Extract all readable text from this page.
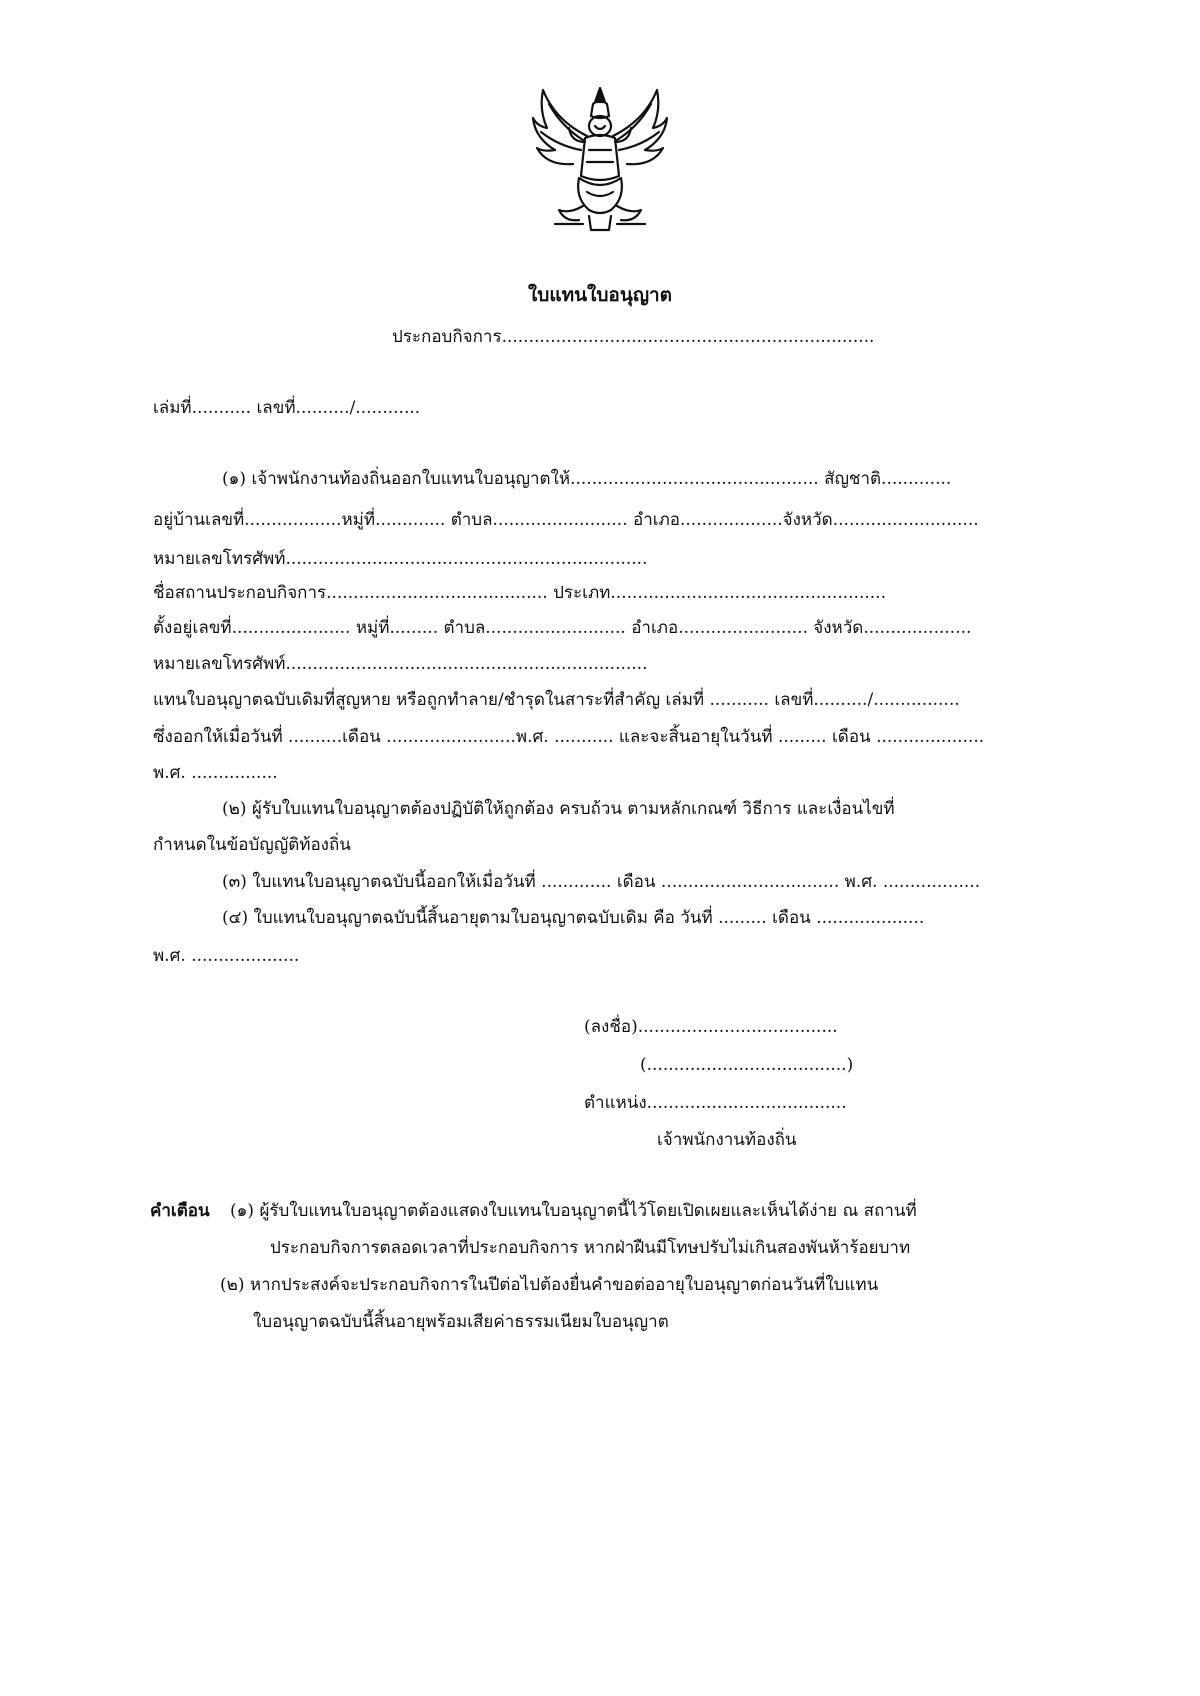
ใบแทนใบอนุญาต
ประกอบกิจการ.....................................................................
เล่มที่........... เลขที่........../............
(๑) เจ้าพนักงานท้องถิ่นออกใบแทนใบอนุญาตให้.............................................. สัญชาติ.............
อยู่บ้านเลขที่..................หมู่ที่............. ตำบล......................... อำเภอ...................จังหวัด...........................
หมายเลขโทรศัพท์...................................................................
ชื่อสถานประกอบกิจการ......................................... ประเภท...................................................
ตั้งอยู่เลขที่...................... หมู่ที่......... ตำบล.......................... อำเภอ........................ จังหวัด....................
หมายเลขโทรศัพท์...................................................................
แทนใบอนุญาตฉบับเดิมที่สูญหาย หรือถูกทำลาย/ชำรุดในสาระที่สำคัญ เล่มที่ ........... เลขที่........../................
ซึ่งออกให้เมื่อวันที่ ..........เดือน ........................พ.ศ. ........... และจะสิ้นอายุในวันที่ ......... เดือน ....................
พ.ศ. ................
(๒) ผู้รับใบแทนใบอนุญาตต้องปฏิบัติให้ถูกต้อง ครบถ้วน ตามหลักเกณฑ์ วิธีการ และเงื่อนไขที่
กำหนดในข้อบัญญัติท้องถิ่น
(๓) ใบแทนใบอนุญาตฉบับนี้ออกให้เมื่อวันที่ ............. เดือน ................................. พ.ศ. ..................
(๔) ใบแทนใบอนุญาตฉบับนี้สิ้นอายุตามใบอนุญาตฉบับเดิม คือ วันที่ ......... เดือน ....................
พ.ศ. ....................
(ลงชื่อ).....................................
(.....................................)
ตำแหน่ง.....................................
เจ้าพนักงานท้องถิ่น
คำเตือน (๑) ผู้รับใบแทนใบอนุญาตต้องแสดงใบแทนใบอนุญาตนี้ไว้โดยเปิดเผยและเห็นได้ง่าย ณ สถานที่
ประกอบกิจการตลอดเวลาที่ประกอบกิจการ หากฝ่าฝืนมีโทษปรับไม่เกินสองพันห้าร้อยบาท
(๒) หากประสงค์จะประกอบกิจการในปีต่อไปต้องยื่นคำขอต่ออายุใบอนุญาตก่อนวันที่ใบแทน
ใบอนุญาตฉบับนี้สิ้นอายุพร้อมเสียค่าธรรมเนียมใบอนุญาต
